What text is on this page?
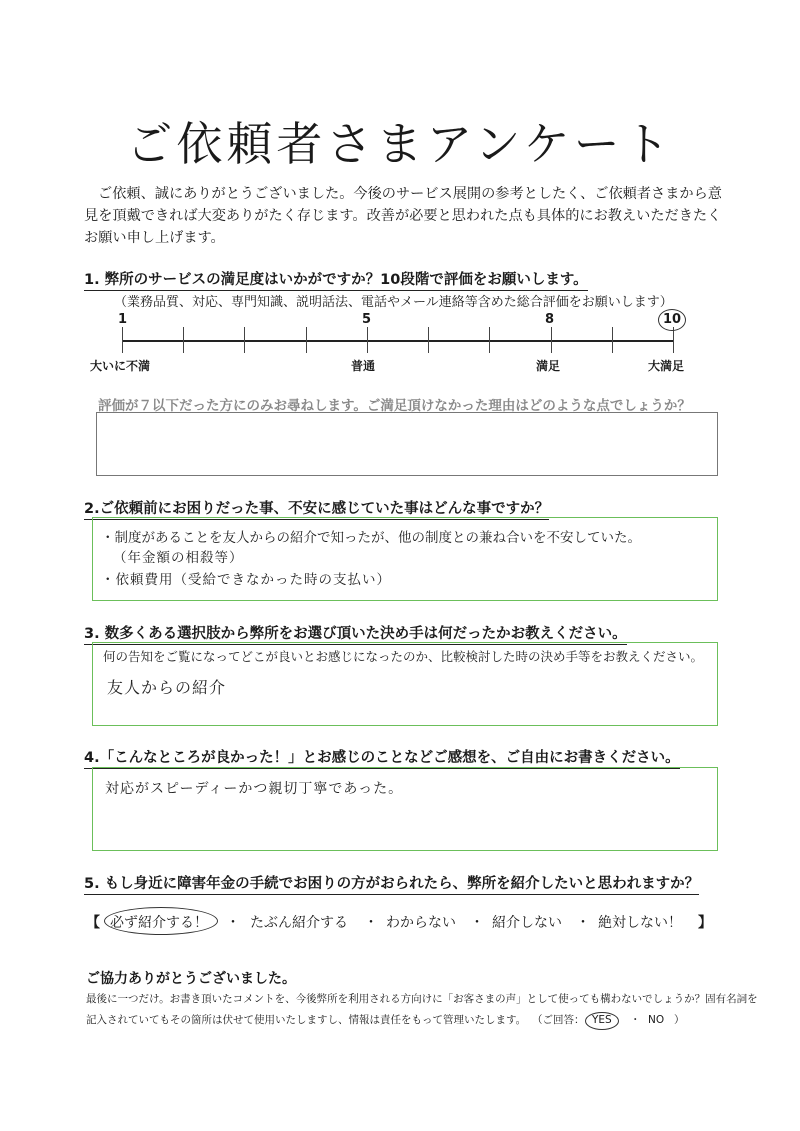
ご依頼者さまアンケート
ご依頼、誠にありがとうございました。今後のサービス展開の参考としたく、ご依頼者さまから意見を頂戴できれば大変ありがたく存じます。改善が必要と思われた点も具体的にお教えいただきたくお願い申し上げます。
1. 弊所のサービスの満足度はいかがですか？10段階で評価をお願いします。
（業務品質、対応、専門知識、説明話法、電話やメール連絡等含めた総合評価をお願いします）
1	5	8	10
大いに不満	普通	満足	大満足
評価が７以下だった方にのみお尋ねします。ご満足頂けなかった理由はどのような点でしょうか？
2.ご依頼前にお困りだった事、不安に感じていた事はどんな事ですか？
・制度があることを友人からの紹介で知ったが、他の制度との兼ね合いを不安していた。
（年金額の相殺等）
・依頼費用（受給できなかった時の支払い）
3. 数多くある選択肢から弊所をお選び頂いた決め手は何だったかお教えください。
何の告知をご覧になってどこが良いとお感じになったのか、比較検討した時の決め手等をお教えください。
友人からの紹介
4.「こんなところが良かった！」とお感じのことなどご感想を、ご自由にお書きください。
対応がスピーディーかつ親切丁寧であった。
5. もし身近に障害年金の手続でお困りの方がおられたら、弊所を紹介したいと思われますか？
【 必ず紹介する！ ・ たぶん紹介する ・ わからない ・ 紹介しない ・ 絶対しない！ 】
ご協力ありがとうございました。
最後に一つだけ。お書き頂いたコメントを、今後弊所を利用される方向けに「お客さまの声」として使っても構わないでしょうか？固有名詞を
記入されていてもその箇所は伏せて使用いたしますし、情報は責任をもって管理いたします。 （ご回答： YES ・ NO ）
